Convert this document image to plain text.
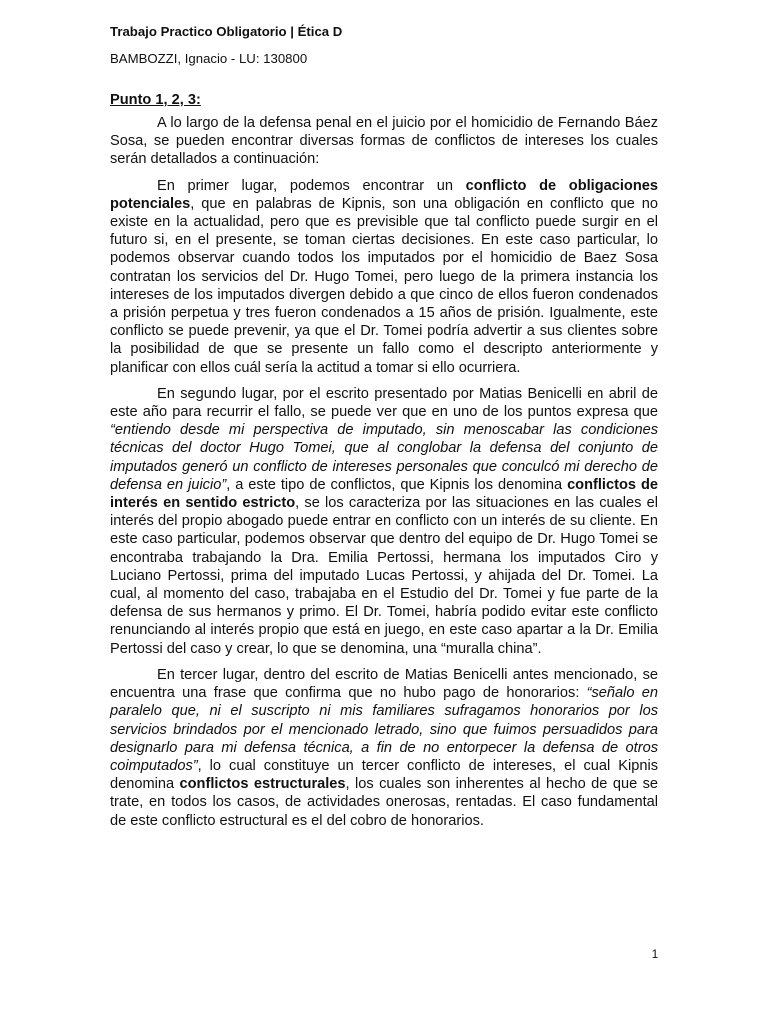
Trabajo Practico Obligatorio | Ética D

BAMBOZZI, Ignacio - LU: 130800

Punto 1, 2, 3:

A lo largo de la defensa penal en el juicio por el homicidio de Fernando Báez Sosa, se pueden encontrar diversas formas de conflictos de intereses los cuales serán detallados a continuación:

En primer lugar, podemos encontrar un conflicto de obligaciones potenciales, que en palabras de Kipnis, son una obligación en conflicto que no existe en la actualidad, pero que es previsible que tal conflicto puede surgir en el futuro si, en el presente, se toman ciertas decisiones. En este caso particular, lo podemos observar cuando todos los imputados por el homicidio de Baez Sosa contratan los servicios del Dr. Hugo Tomei, pero luego de la primera instancia los intereses de los imputados divergen debido a que cinco de ellos fueron condenados a prisión perpetua y tres fueron condenados a 15 años de prisión. Igualmente, este conflicto se puede prevenir, ya que el Dr. Tomei podría advertir a sus clientes sobre la posibilidad de que se presente un fallo como el descripto anteriormente y planificar con ellos cuál sería la actitud a tomar si ello ocurriera.

En segundo lugar, por el escrito presentado por Matias Benicelli en abril de este año para recurrir el fallo, se puede ver que en uno de los puntos expresa que “entiendo desde mi perspectiva de imputado, sin menoscabar las condiciones técnicas del doctor Hugo Tomei, que al conglobar la defensa del conjunto de imputados generó un conflicto de intereses personales que conculcó mi derecho de defensa en juicio”, a este tipo de conflictos, que Kipnis los denomina conflictos de interés en sentido estricto, se los caracteriza por las situaciones en las cuales el interés del propio abogado puede entrar en conflicto con un interés de su cliente. En este caso particular, podemos observar que dentro del equipo de Dr. Hugo Tomei se encontraba trabajando la Dra. Emilia Pertossi, hermana los imputados Ciro y Luciano Pertossi, prima del imputado Lucas Pertossi, y ahijada del Dr. Tomei. La cual, al momento del caso, trabajaba en el Estudio del Dr. Tomei y fue parte de la defensa de sus hermanos y primo. El Dr. Tomei, habría podido evitar este conflicto renunciando al interés propio que está en juego, en este caso apartar a la Dr. Emilia Pertossi del caso y crear, lo que se denomina, una “muralla china”.

En tercer lugar, dentro del escrito de Matias Benicelli antes mencionado, se encuentra una frase que confirma que no hubo pago de honorarios: “señalo en paralelo que, ni el suscripto ni mis familiares sufragamos honorarios por los servicios brindados por el mencionado letrado, sino que fuimos persuadidos para designarlo para mi defensa técnica, a fin de no entorpecer la defensa de otros coimputados”, lo cual constituye un tercer conflicto de intereses, el cual Kipnis denomina conflictos estructurales, los cuales son inherentes al hecho de que se trate, en todos los casos, de actividades onerosas, rentadas. El caso fundamental de este conflicto estructural es el del cobro de honorarios.

1
